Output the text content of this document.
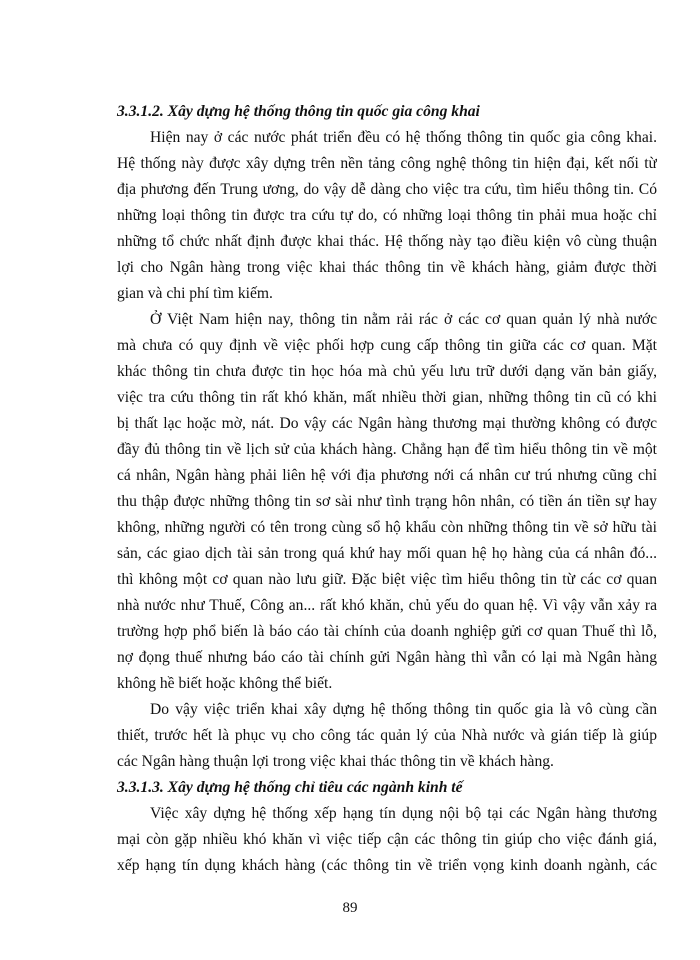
3.3.1.2. Xây dựng hệ thống thông tin quốc gia công khai
Hiện nay ở các nước phát triển đều có hệ thống thông tin quốc gia công khai.
Hệ thống này được xây dựng trên nền tảng công nghệ thông tin hiện đại, kết nối từ
địa phương đến Trung ương, do vậy dễ dàng cho việc tra cứu, tìm hiểu thông tin. Có
những loại thông tin được tra cứu tự do, có những loại thông tin phải mua hoặc chỉ
những tổ chức nhất định được khai thác. Hệ thống này tạo điều kiện vô cùng thuận
lợi cho Ngân hàng trong việc khai thác thông tin về khách hàng, giảm được thời
gian và chi phí tìm kiếm.
Ở Việt Nam hiện nay, thông tin nằm rải rác ở các cơ quan quản lý nhà nước
mà chưa có quy định về việc phối hợp cung cấp thông tin giữa các cơ quan. Mặt
khác thông tin chưa được tin học hóa mà chủ yếu lưu trữ dưới dạng văn bản giấy,
việc tra cứu thông tin rất khó khăn, mất nhiều thời gian, những thông tin cũ có khi
bị thất lạc hoặc mờ, nát. Do vậy các Ngân hàng thương mại thường không có được
đầy đủ thông tin về lịch sử của khách hàng. Chẳng hạn để tìm hiểu thông tin về một
cá nhân, Ngân hàng phải liên hệ với địa phương nới cá nhân cư trú nhưng cũng chỉ
thu thập được những thông tin sơ sài như tình trạng hôn nhân, có tiền án tiền sự hay
không, những người có tên trong cùng sổ hộ khẩu còn những thông tin về sở hữu tài
sản, các giao dịch tài sản trong quá khứ hay mối quan hệ họ hàng của cá nhân đó...
thì không một cơ quan nào lưu giữ. Đặc biệt việc tìm hiểu thông tin từ các cơ quan
nhà nước như Thuế, Công an... rất khó khăn, chủ yếu do quan hệ. Vì vậy vẫn xảy ra
trường hợp phổ biến là báo cáo tài chính của doanh nghiệp gửi cơ quan Thuế thì lỗ,
nợ đọng thuế nhưng báo cáo tài chính gửi Ngân hàng thì vẫn có lại mà Ngân hàng
không hề biết hoặc không thể biết.
Do vậy việc triển khai xây dựng hệ thống thông tin quốc gia là vô cùng cần
thiết, trước hết là phục vụ cho công tác quản lý của Nhà nước và gián tiếp là giúp
các Ngân hàng thuận lợi trong việc khai thác thông tin về khách hàng.
3.3.1.3. Xây dựng hệ thống chỉ tiêu các ngành kinh tế
Việc xây dựng hệ thống xếp hạng tín dụng nội bộ tại các Ngân hàng thương
mại còn gặp nhiều khó khăn vì việc tiếp cận các thông tin giúp cho việc đánh giá,
xếp hạng tín dụng khách hàng (các thông tin về triển vọng kinh doanh ngành, các
89
